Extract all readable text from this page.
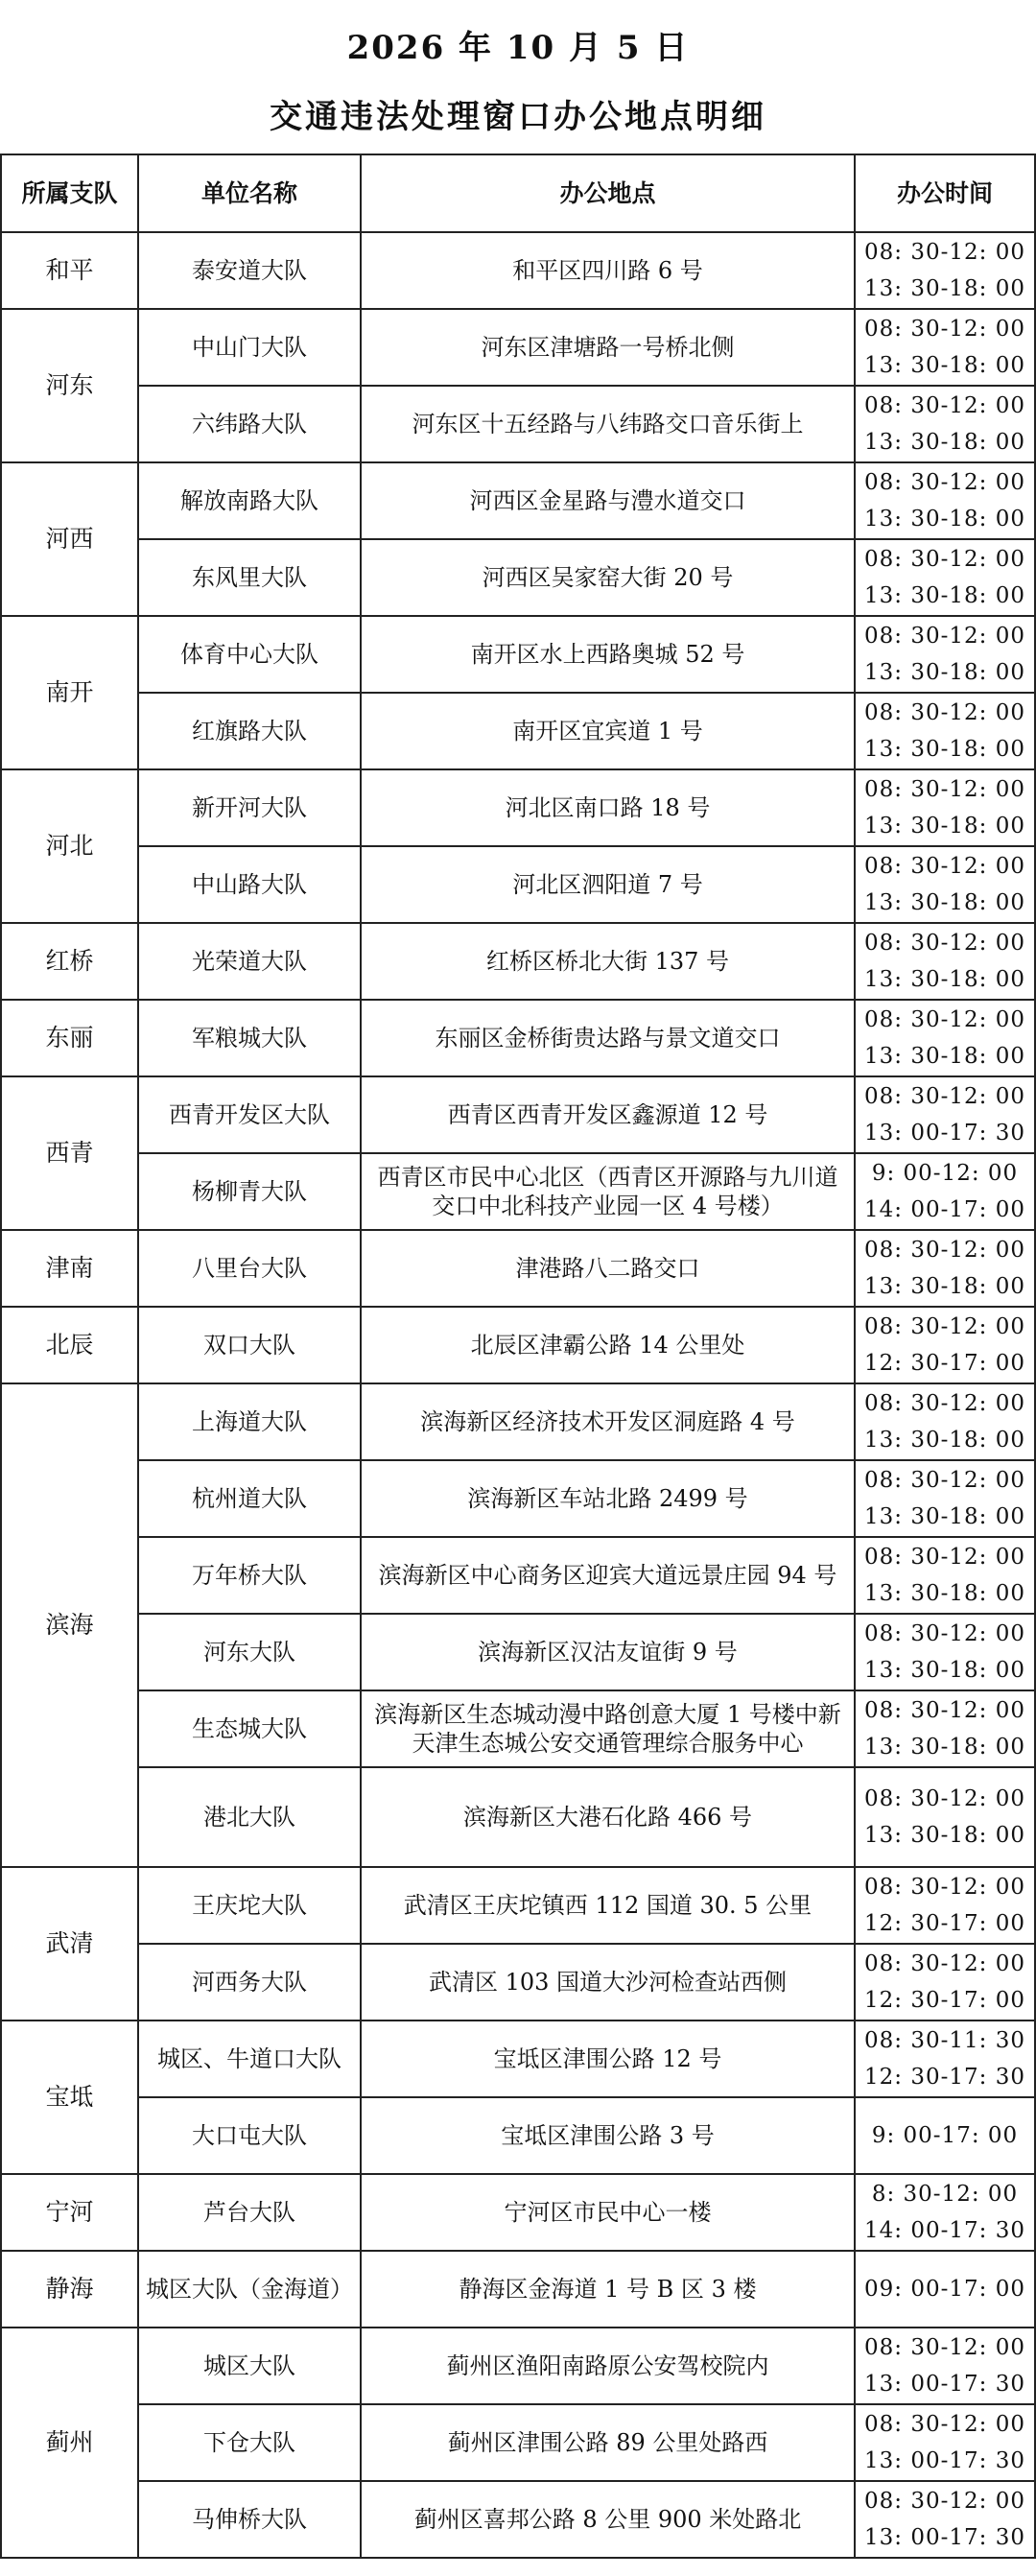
2026 年 10 月 5 日
交通违法处理窗口办公地点明细
所属支队	单位名称	办公地点	办公时间
和平	泰安道大队	和平区四川路 6 号	08: 30-12: 00
13: 30-18: 00

河东	中山门大队	河东区津塘路一号桥北侧	08: 30-12: 00
13: 30-18: 00

	六纬路大队	河东区十五经路与八纬路交口音乐街上	08: 30-12: 00
13: 30-18: 00

河西	解放南路大队	河西区金星路与澧水道交口	08: 30-12: 00
13: 30-18: 00

	东风里大队	河西区吴家窑大街 20 号	08: 30-12: 00
13: 30-18: 00

南开	体育中心大队	南开区水上西路奥城 52 号	08: 30-12: 00
13: 30-18: 00

	红旗路大队	南开区宜宾道 1 号	08: 30-12: 00
13: 30-18: 00

河北	新开河大队	河北区南口路 18 号	08: 30-12: 00
13: 30-18: 00

	中山路大队	河北区泗阳道 7 号	08: 30-12: 00
13: 30-18: 00

红桥	光荣道大队	红桥区桥北大街 137 号	08: 30-12: 00
13: 30-18: 00

东丽	军粮城大队	东丽区金桥街贵达路与景文道交口	08: 30-12: 00
13: 30-18: 00

西青	西青开发区大队	西青区西青开发区鑫源道 12 号	08: 30-12: 00
13: 00-17: 30

	杨柳青大队	西青区市民中心北区（西青区开源路与九川道交口中北科技产业园一区 4 号楼）	9: 00-12: 00
14: 00-17: 00

津南	八里台大队	津港路八二路交口	08: 30-12: 00
13: 30-18: 00

北辰	双口大队	北辰区津霸公路 14 公里处	08: 30-12: 00
12: 30-17: 00

滨海	上海道大队	滨海新区经济技术开发区洞庭路 4 号	08: 30-12: 00
13: 30-18: 00

	杭州道大队	滨海新区车站北路 2499 号	08: 30-12: 00
13: 30-18: 00

	万年桥大队	滨海新区中心商务区迎宾大道远景庄园 94 号	08: 30-12: 00
13: 30-18: 00

	河东大队	滨海新区汉沽友谊街 9 号	08: 30-12: 00
13: 30-18: 00

	生态城大队	滨海新区生态城动漫中路创意大厦 1 号楼中新天津生态城公安交通管理综合服务中心	08: 30-12: 00
13: 30-18: 00

	港北大队	滨海新区大港石化路 466 号	08: 30-12: 00
13: 30-18: 00

武清	王庆坨大队	武清区王庆坨镇西 112 国道 30. 5 公里	08: 30-12: 00
12: 30-17: 00

	河西务大队	武清区 103 国道大沙河检查站西侧	08: 30-12: 00
12: 30-17: 00

宝坻	城区、牛道口大队	宝坻区津围公路 12 号	08: 30-11: 30
12: 30-17: 30

	大口屯大队	宝坻区津围公路 3 号	9: 00-17: 00

宁河	芦台大队	宁河区市民中心一楼	8: 30-12: 00
14: 00-17: 30

静海	城区大队（金海道）	静海区金海道 1 号 B 区 3 楼	09: 00-17: 00

蓟州	城区大队	蓟州区渔阳南路原公安驾校院内	08: 30-12: 00
13: 00-17: 30

	下仓大队	蓟州区津围公路 89 公里处路西	08: 30-12: 00
13: 00-17: 30

	马伸桥大队	蓟州区喜邦公路 8 公里 900 米处路北	08: 30-12: 00
13: 00-17: 30
